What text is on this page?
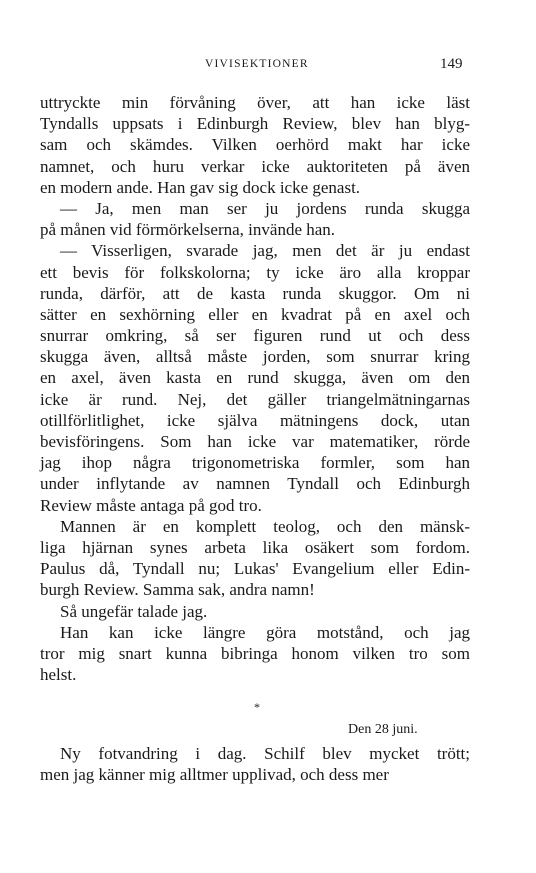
VIVISEKTIONER	149
uttryckte min förvåning över, att han icke läst
Tyndalls uppsats i Edinburgh Review, blev han blyg-
sam och skämdes. Vilken oerhörd makt har icke
namnet, och huru verkar icke auktoriteten på även
en modern ande. Han gav sig dock icke genast.
— Ja, men man ser ju jordens runda skugga
på månen vid förmörkelserna, invände han.
— Visserligen, svarade jag, men det är ju endast
ett bevis för folkskolorna; ty icke äro alla kroppar
runda, därför, att de kasta runda skuggor. Om ni
sätter en sexhörning eller en kvadrat på en axel och
snurrar omkring, så ser figuren rund ut och dess
skugga även, alltså måste jorden, som snurrar kring
en axel, även kasta en rund skugga, även om den
icke är rund. Nej, det gäller triangelmätningarnas
otillförlitlighet, icke själva mätningens dock, utan
bevisföringens. Som han icke var matematiker, rörde
jag ihop några trigonometriska formler, som han
under inflytande av namnen Tyndall och Edinburgh
Review måste antaga på god tro.
Mannen är en komplett teolog, och den mänsk-
liga hjärnan synes arbeta lika osäkert som fordom.
Paulus då, Tyndall nu; Lukas' Evangelium eller Edin-
burgh Review. Samma sak, andra namn!
Så ungefär talade jag.
Han kan icke längre göra motstånd, och jag
tror mig snart kunna bibringa honom vilken tro som
helst.
*
Den 28 juni.
Ny fotvandring i dag. Schilf blev mycket trött;
men jag känner mig alltmer upplivad, och dess mer
